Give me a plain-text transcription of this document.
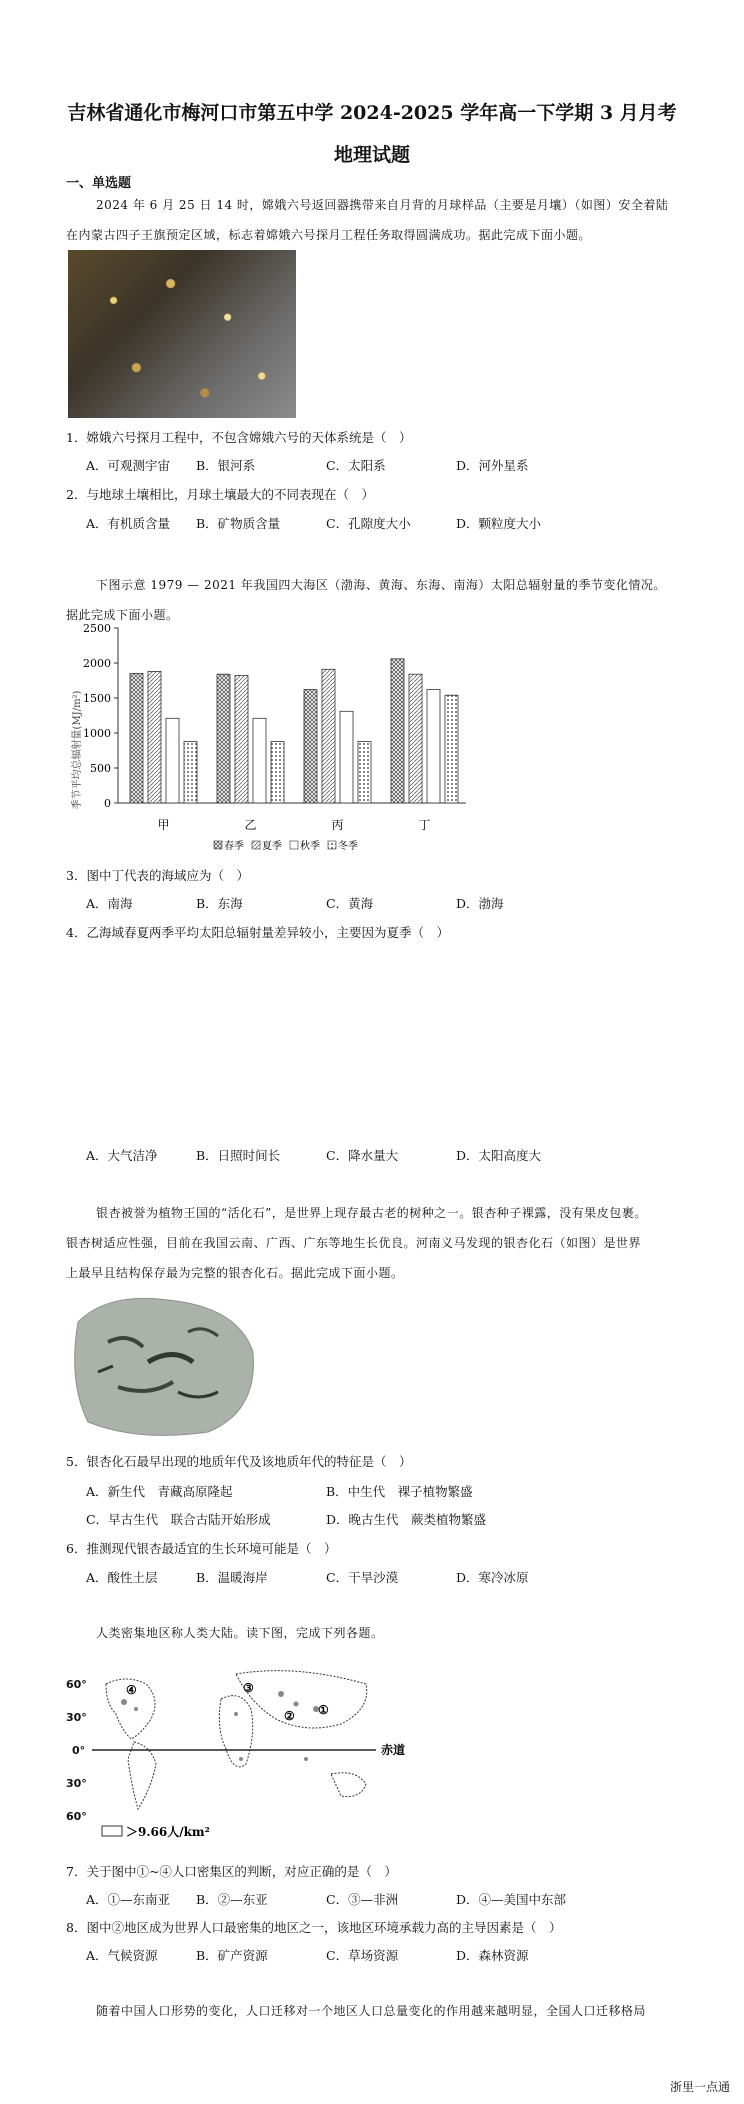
吉林省通化市梅河口市第五中学 2024-2025 学年高一下学期 3 月月考
地理试题
一、单选题
2024 年 6 月 25 日 14 时，嫦娥六号返回器携带来自月背的月球样品（主要是月壤）（如图）安全着陆
在内蒙古四子王旗预定区域，标志着嫦娥六号探月工程任务取得圆满成功。据此完成下面小题。
1．嫦娥六号探月工程中，不包含嫦娥六号的天体系统是（　）
A．可观测宇宙 B．银河系	C．太阳系	D．河外星系
2．与地球土壤相比，月球土壤最大的不同表现在（　）
A．有机质含量 B．矿物质含量	C．孔隙度大小	D．颗粒度大小
下图示意 1979 — 2021 年我国四大海区（渤海、黄海、东海、南海）太阳总辐射量的季节变化情况。
据此完成下面小题。
季节平均总辐射量(MJ/m²) 0
500
1000
1500
2000
2500
甲	乙	丙	丁
春季 夏季 秋季 冬季
3．图中丁代表的海域应为（　）
A．南海	B．东海	C．黄海	D．渤海
4．乙海域春夏两季平均太阳总辐射量差异较小，主要因为夏季（　）
A．大气洁净	B．日照时间长	C．降水量大	D．太阳高度大
银杏被誉为植物王国的“活化石”，是世界上现存最古老的树种之一。银杏种子裸露，没有果皮包裹。
银杏树适应性强，目前在我国云南、广西、广东等地生长优良。河南义马发现的银杏化石（如图）是世界
上最早且结构保存最为完整的银杏化石。据此完成下面小题。
5．银杏化石最早出现的地质年代及该地质年代的特征是（　）
A．新生代　青藏高原隆起	B．中生代　裸子植物繁盛
C．早古生代　联合古陆开始形成	D．晚古生代　蕨类植物繁盛
6．推测现代银杏最适宜的生长环境可能是（　）
A．酸性土层	B．温暖海岸	C．干旱沙漠	D．寒冷冰原
人类密集地区称人类大陆。读下图，完成下列各题。
60°
30°
0°
30°
60°
赤道
①
②
③
④
＞9.66人/km²
7．关于图中①~④人口密集区的判断，对应正确的是（　）
A．①—东南亚 B．②—东亚	C．③—非洲	D．④—美国中东部
8．图中②地区成为世界人口最密集的地区之一，该地区环境承载力高的主导因素是（　）
A．气候资源	B．矿产资源	C．草场资源	D．森林资源
随着中国人口形势的变化，人口迁移对一个地区人口总量变化的作用越来越明显，全国人口迁移格局
浙里一点通
